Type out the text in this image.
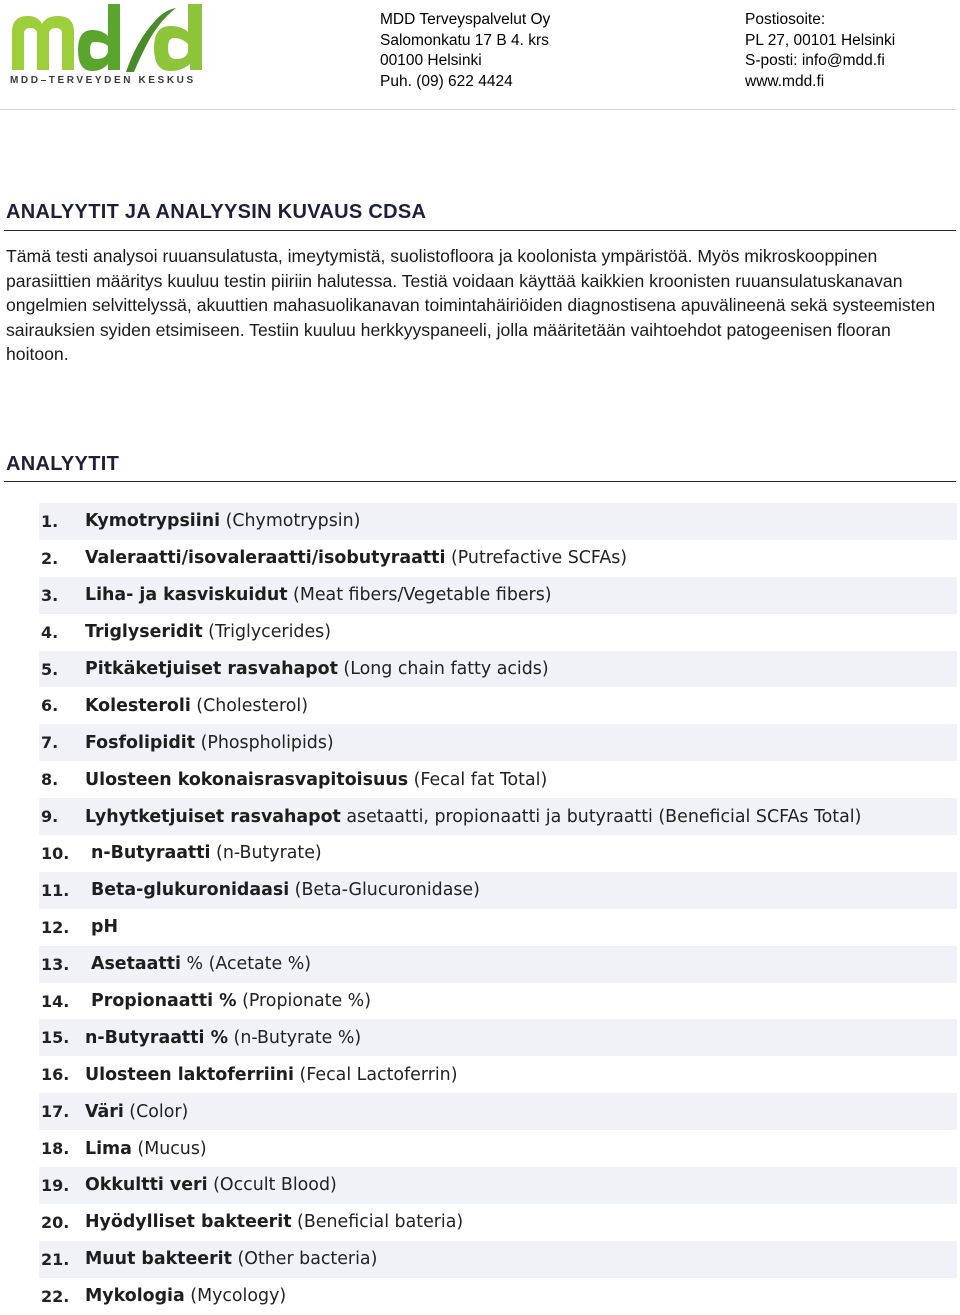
MDD–TERVEYDEN KESKUS
MDD Terveyspalvelut Oy
Salomonkatu 17 B 4. krs
00100 Helsinki
Puh. (09) 622 4424
Postiosoite:
PL 27, 00101 Helsinki
S-posti: info@mdd.fi
www.mdd.fi
ANALYYTIT JA ANALYYSIN KUVAUS CDSA
Tämä testi analysoi ruuansulatusta, imeytymistä, suolistofloora ja koolonista ympäristöä. Myös mikroskooppinen parasiittien määritys kuuluu testin piiriin halutessa. Testiä voidaan käyttää kaikkien kroonisten ruuansulatuskanavan ongelmien selvittelyssä, akuuttien mahasuolikanavan toimintahäiriöiden diagnostisena apuvälineenä sekä systeemisten sairauksien syiden etsimiseen. Testiin kuuluu herkkyyspaneeli, jolla määritetään vaihtoehdot patogeenisen flooran hoitoon.
ANALYYTIT
1.	Kymotrypsiini (Chymotrypsin)
2.	Valeraatti/isovaleraatti/isobutyraatti (Putrefactive SCFAs)
3.	Liha- ja kasviskuidut (Meat fibers/Vegetable fibers)
4.	Triglyseridit (Triglycerides)
5.	Pitkäketjuiset rasvahapot (Long chain fatty acids)
6.	Kolesteroli (Cholesterol)
7.	Fosfolipidit (Phospholipids)
8.	Ulosteen kokonaisrasvapitoisuus (Fecal fat Total)
9.	Lyhytketjuiset rasvahapot asetaatti, propionaatti ja butyraatti (Beneficial SCFAs Total)
10.	n-Butyraatti (n-Butyrate)
11.	Beta-glukuronidaasi (Beta-Glucuronidase)
12.	pH
13.	Asetaatti % (Acetate %)
14.	Propionaatti % (Propionate %)
15. n-Butyraatti % (n-Butyrate %)
16. Ulosteen laktoferriini (Fecal Lactoferrin)
17. Väri (Color)
18. Lima (Mucus)
19. Okkultti veri (Occult Blood)
20. Hyödylliset bakteerit (Beneficial bateria)
21. Muut bakteerit (Other bacteria)
22. Mykologia (Mycology)
